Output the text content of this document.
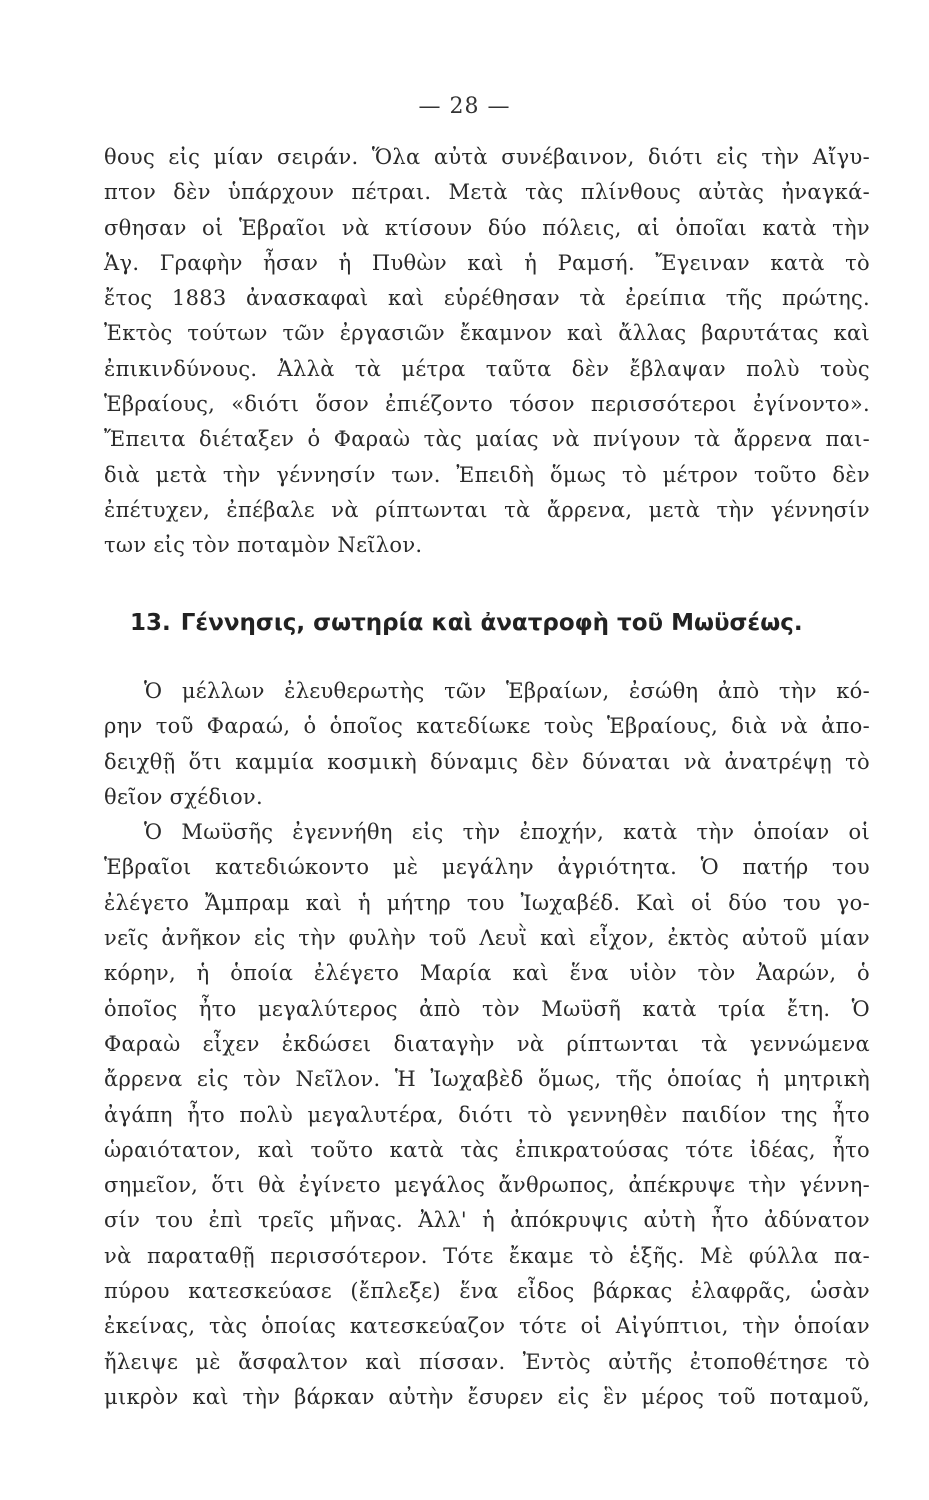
— 28 —
θους εἰς μίαν σειράν. Ὅλα αὐτὰ συνέβαινον, διότι εἰς τὴν Αἴγυ-
πτον δὲν ὑπάρχουν πέτραι. Μετὰ τὰς πλίνθους αὐτὰς ἠναγκά-
σθησαν οἱ Ἑβραῖοι νὰ κτίσουν δύο πόλεις, αἱ ὁποῖαι κατὰ τὴν
Ἁγ. Γραφὴν ἦσαν ἡ Πυθὼν καὶ ἡ Ραμσή. Ἔγειναν κατὰ τὸ
ἔτος 1883 ἀνασκαφαὶ καὶ εὑρέθησαν τὰ ἐρείπια τῆς πρώτης.
Ἐκτὸς τούτων τῶν ἐργασιῶν ἔκαμνον καὶ ἄλλας βαρυτάτας καὶ
ἐπικινδύνους. Ἀλλὰ τὰ μέτρα ταῦτα δὲν ἔβλαψαν πολὺ τοὺς
Ἑβραίους, «διότι ὅσον ἐπιέζοντο τόσον περισσότεροι ἐγίνοντο».
Ἔπειτα διέταξεν ὁ Φαραὼ τὰς μαίας νὰ πνίγουν τὰ ἄρρενα παι-
διὰ μετὰ τὴν γέννησίν των. Ἐπειδὴ ὅμως τὸ μέτρον τοῦτο δὲν
ἐπέτυχεν, ἐπέβαλε νὰ ρίπτωνται τὰ ἄρρενα, μετὰ τὴν γέννησίν
των εἰς τὸν ποταμὸν Νεῖλον.
13. Γέννησις, σωτηρία καὶ ἀνατροφὴ τοῦ Μωϋσέως.
Ὁ μέλλων ἐλευθερωτὴς τῶν Ἑβραίων, ἐσώθη ἀπὸ τὴν κό-
ρην τοῦ Φαραώ, ὁ ὁποῖος κατεδίωκε τοὺς Ἑβραίους, διὰ νὰ ἀπο-
δειχθῇ ὅτι καμμία κοσμικὴ δύναμις δὲν δύναται νὰ ἀνατρέψῃ τὸ
θεῖον σχέδιον.
Ὁ Μωϋσῆς ἐγεννήθη εἰς τὴν ἐποχήν, κατὰ τὴν ὁποίαν οἱ
Ἑβραῖοι κατεδιώκοντο μὲ μεγάλην ἀγριότητα. Ὁ πατήρ του
ἐλέγετο Ἄμπραμ καὶ ἡ μήτηρ του Ἰωχαβέδ. Καὶ οἱ δύο του γο-
νεῖς ἀνῆκον εἰς τὴν φυλὴν τοῦ Λευῒ καὶ εἶχον, ἐκτὸς αὐτοῦ μίαν
κόρην, ἡ ὁποία ἐλέγετο Μαρία καὶ ἕνα υἱὸν τὸν Ἀαρών, ὁ
ὁποῖος ἦτο μεγαλύτερος ἀπὸ τὸν Μωϋσῆ κατὰ τρία ἔτη. Ὁ
Φαραὼ εἶχεν ἐκδώσει διαταγὴν νὰ ρίπτωνται τὰ γεννώμενα
ἄρρενα εἰς τὸν Νεῖλον. Ἡ Ἰωχαβὲδ ὅμως, τῆς ὁποίας ἡ μητρικὴ
ἀγάπη ἦτο πολὺ μεγαλυτέρα, διότι τὸ γεννηθὲν παιδίον της ἦτο
ὡραιότατον, καὶ τοῦτο κατὰ τὰς ἐπικρατούσας τότε ἰδέας, ἦτο
σημεῖον, ὅτι θὰ ἐγίνετο μεγάλος ἄνθρωπος, ἀπέκρυψε τὴν γέννη-
σίν του ἐπὶ τρεῖς μῆνας. Ἀλλ' ἡ ἀπόκρυψις αὐτὴ ἦτο ἀδύνατον
νὰ παραταθῇ περισσότερον. Τότε ἔκαμε τὸ ἑξῆς. Μὲ φύλλα πα-
πύρου κατεσκεύασε (ἔπλεξε) ἕνα εἶδος βάρκας ἐλαφρᾶς, ὡσὰν
ἐκείνας, τὰς ὁποίας κατεσκεύαζον τότε οἱ Αἰγύπτιοι, τὴν ὁποίαν
ἤλειψε μὲ ἄσφαλτον καὶ πίσσαν. Ἐντὸς αὐτῆς ἐτοποθέτησε τὸ
μικρὸν καὶ τὴν βάρκαν αὐτὴν ἔσυρεν εἰς ἓν μέρος τοῦ ποταμοῦ,
